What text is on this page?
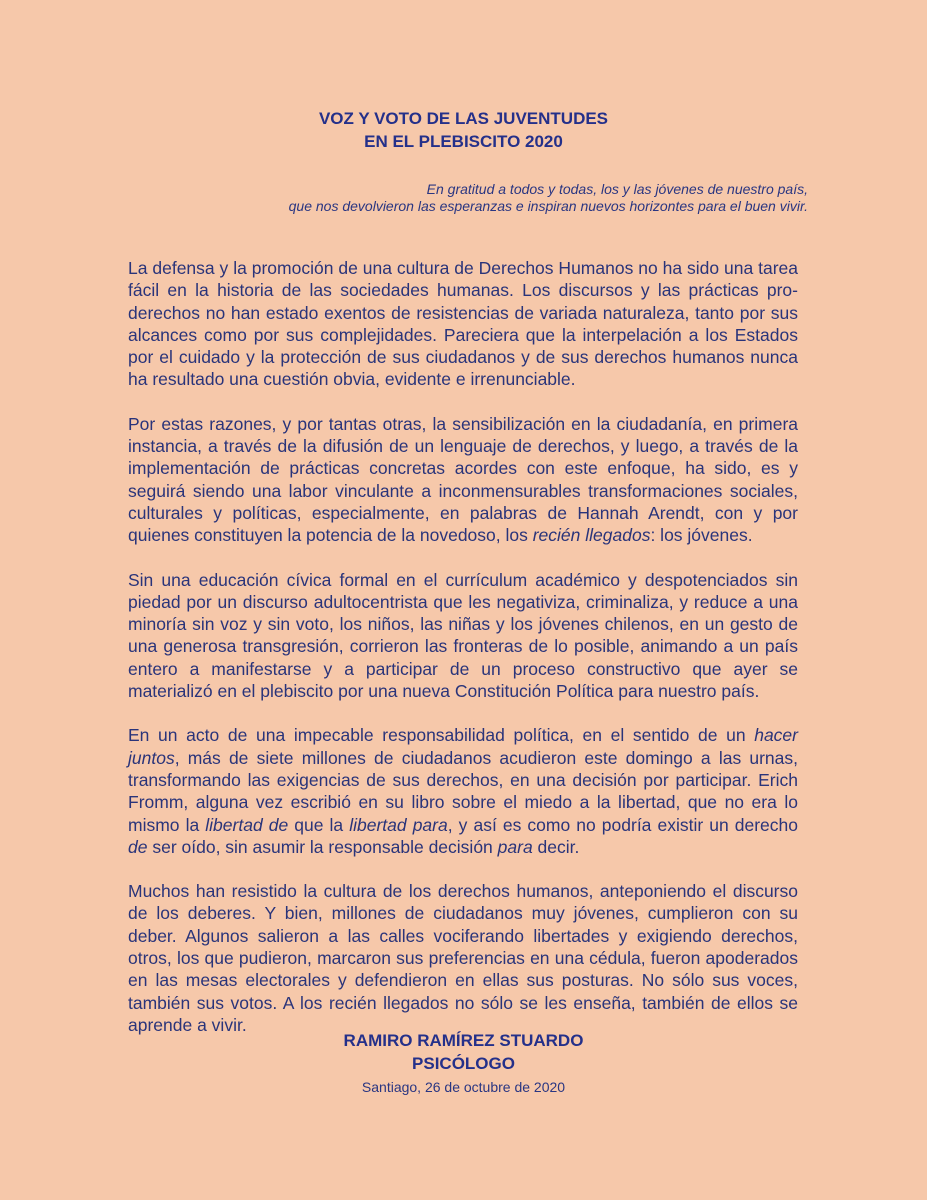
VOZ Y VOTO DE LAS JUVENTUDES
EN EL PLEBISCITO 2020
En gratitud a todos y todas, los y las jóvenes de nuestro país,
que nos devolvieron las esperanzas e inspiran nuevos horizontes para el buen vivir.

La defensa y la promoción de una cultura de Derechos Humanos no ha sido una tarea fácil en la historia de las sociedades humanas. Los discursos y las prácticas pro-derechos no han estado exentos de resistencias de variada naturaleza, tanto por sus alcances como por sus complejidades. Pareciera que la interpelación a los Estados por el cuidado y la protección de sus ciudadanos y de sus derechos humanos nunca ha resultado una cuestión obvia, evidente e irrenunciable.

Por estas razones, y por tantas otras, la sensibilización en la ciudadanía, en primera instancia, a través de la difusión de un lenguaje de derechos, y luego, a través de la implementación de prácticas concretas acordes con este enfoque, ha sido, es y seguirá siendo una labor vinculante a inconmensurables transformaciones sociales, culturales y políticas, especialmente, en palabras de Hannah Arendt, con y por quienes constituyen la potencia de la novedoso, los recién llegados: los jóvenes.

Sin una educación cívica formal en el currículum académico y despotenciados sin piedad por un discurso adultocentrista que les negativiza, criminaliza, y reduce a una minoría sin voz y sin voto, los niños, las niñas y los jóvenes chilenos, en un gesto de una generosa transgresión, corrieron las fronteras de lo posible, animando a un país entero a manifestarse y a participar de un proceso constructivo que ayer se materializó en el plebiscito por una nueva Constitución Política para nuestro país.

En un acto de una impecable responsabilidad política, en el sentido de un hacer juntos, más de siete millones de ciudadanos acudieron este domingo a las urnas, transformando las exigencias de sus derechos, en una decisión por participar. Erich Fromm, alguna vez escribió en su libro sobre el miedo a la libertad, que no era lo mismo la libertad de que la libertad para, y así es como no podría existir un derecho de ser oído, sin asumir la responsable decisión para decir.

Muchos han resistido la cultura de los derechos humanos, anteponiendo el discurso de los deberes. Y bien, millones de ciudadanos muy jóvenes, cumplieron con su deber. Algunos salieron a las calles vociferando libertades y exigiendo derechos, otros, los que pudieron, marcaron sus preferencias en una cédula, fueron apoderados en las mesas electorales y defendieron en ellas sus posturas. No sólo sus voces, también sus votos. A los recién llegados no sólo se les enseña, también de ellos se aprende a vivir.

RAMIRO RAMÍREZ STUARDO
PSICÓLOGO
Santiago, 26 de octubre de 2020
